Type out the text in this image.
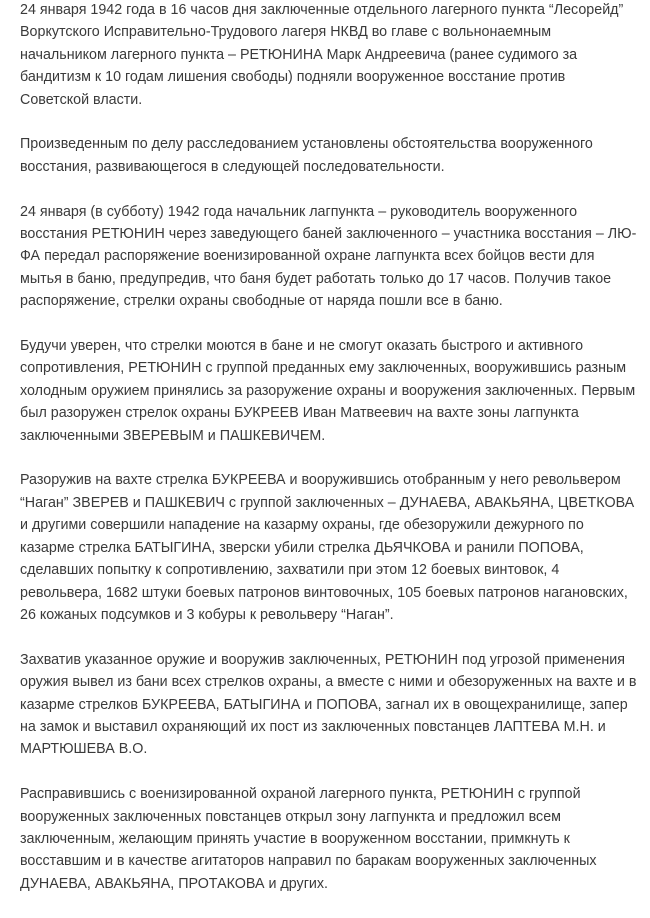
24 января 1942 года в 16 часов дня заключенные отдельного лагерного пункта “Лесорейд” Воркутского Исправительно-Трудового лагеря НКВД во главе с вольнонаемным начальником лагерного пункта – РЕТЮНИНА Марк Андреевича (ранее судимого за бандитизм к 10 годам лишения свободы) подняли вооруженное восстание против Советской власти.

Произведенным по делу расследованием установлены обстоятельства вооруженного восстания, развивающегося в следующей последовательности.

24 января (в субботу) 1942 года начальник лагпункта – руководитель вооруженного восстания РЕТЮНИН через заведующего баней заключенного – участника восстания – ЛЮ-ФА передал распоряжение военизированной охране лагпункта всех бойцов вести для мытья в баню, предупредив, что баня будет работать только до 17 часов. Получив такое распоряжение, стрелки охраны свободные от наряда пошли все в баню.

Будучи уверен, что стрелки моются в бане и не смогут оказать быстрого и активного сопротивления, РЕТЮНИН с группой преданных ему заключенных, вооружившись разным холодным оружием принялись за разоружение охраны и вооружения заключенных. Первым был разоружен стрелок охраны БУКРЕЕВ Иван Матвеевич на вахте зоны лагпункта заключенными ЗВЕРЕВЫМ и ПАШКЕВИЧЕМ.

Разоружив на вахте стрелка БУКРЕЕВА и вооружившись отобранным у него револьвером “Наган” ЗВЕРЕВ и ПАШКЕВИЧ с группой заключенных – ДУНАЕВА, АВАКЬЯНА, ЦВЕТКОВА и другими совершили нападение на казарму охраны, где обезоружили дежурного по казарме стрелка БАТЫГИНА, зверски убили стрелка ДЬЯЧКОВА и ранили ПОПОВА, сделавших попытку к сопротивлению, захватили при этом 12 боевых винтовок, 4 револьвера, 1682 штуки боевых патронов винтовочных, 105 боевых патронов нагановских, 26 кожаных подсумков и 3 кобуры к револьверу “Наган”.

Захватив указанное оружие и вооружив заключенных, РЕТЮНИН под угрозой применения оружия вывел из бани всех стрелков охраны, а вместе с ними и обезоруженных на вахте и в казарме стрелков БУКРЕЕВА, БАТЫГИНА и ПОПОВА, загнал их в овощехранилище, запер на замок и выставил охраняющий их пост из заключенных повстанцев ЛАПТЕВА М.Н. и МАРТЮШЕВА В.О.

Расправившись с военизированной охраной лагерного пункта, РЕТЮНИН с группой вооруженных заключенных повстанцев открыл зону лагпункта и предложил всем заключенным, желающим принять участие в вооруженном восстании, примкнуть к восставшим и в качестве агитаторов направил по баракам вооруженных заключенных ДУНАЕВА, АВАКЬЯНА, ПРОТАКОВА и других.
